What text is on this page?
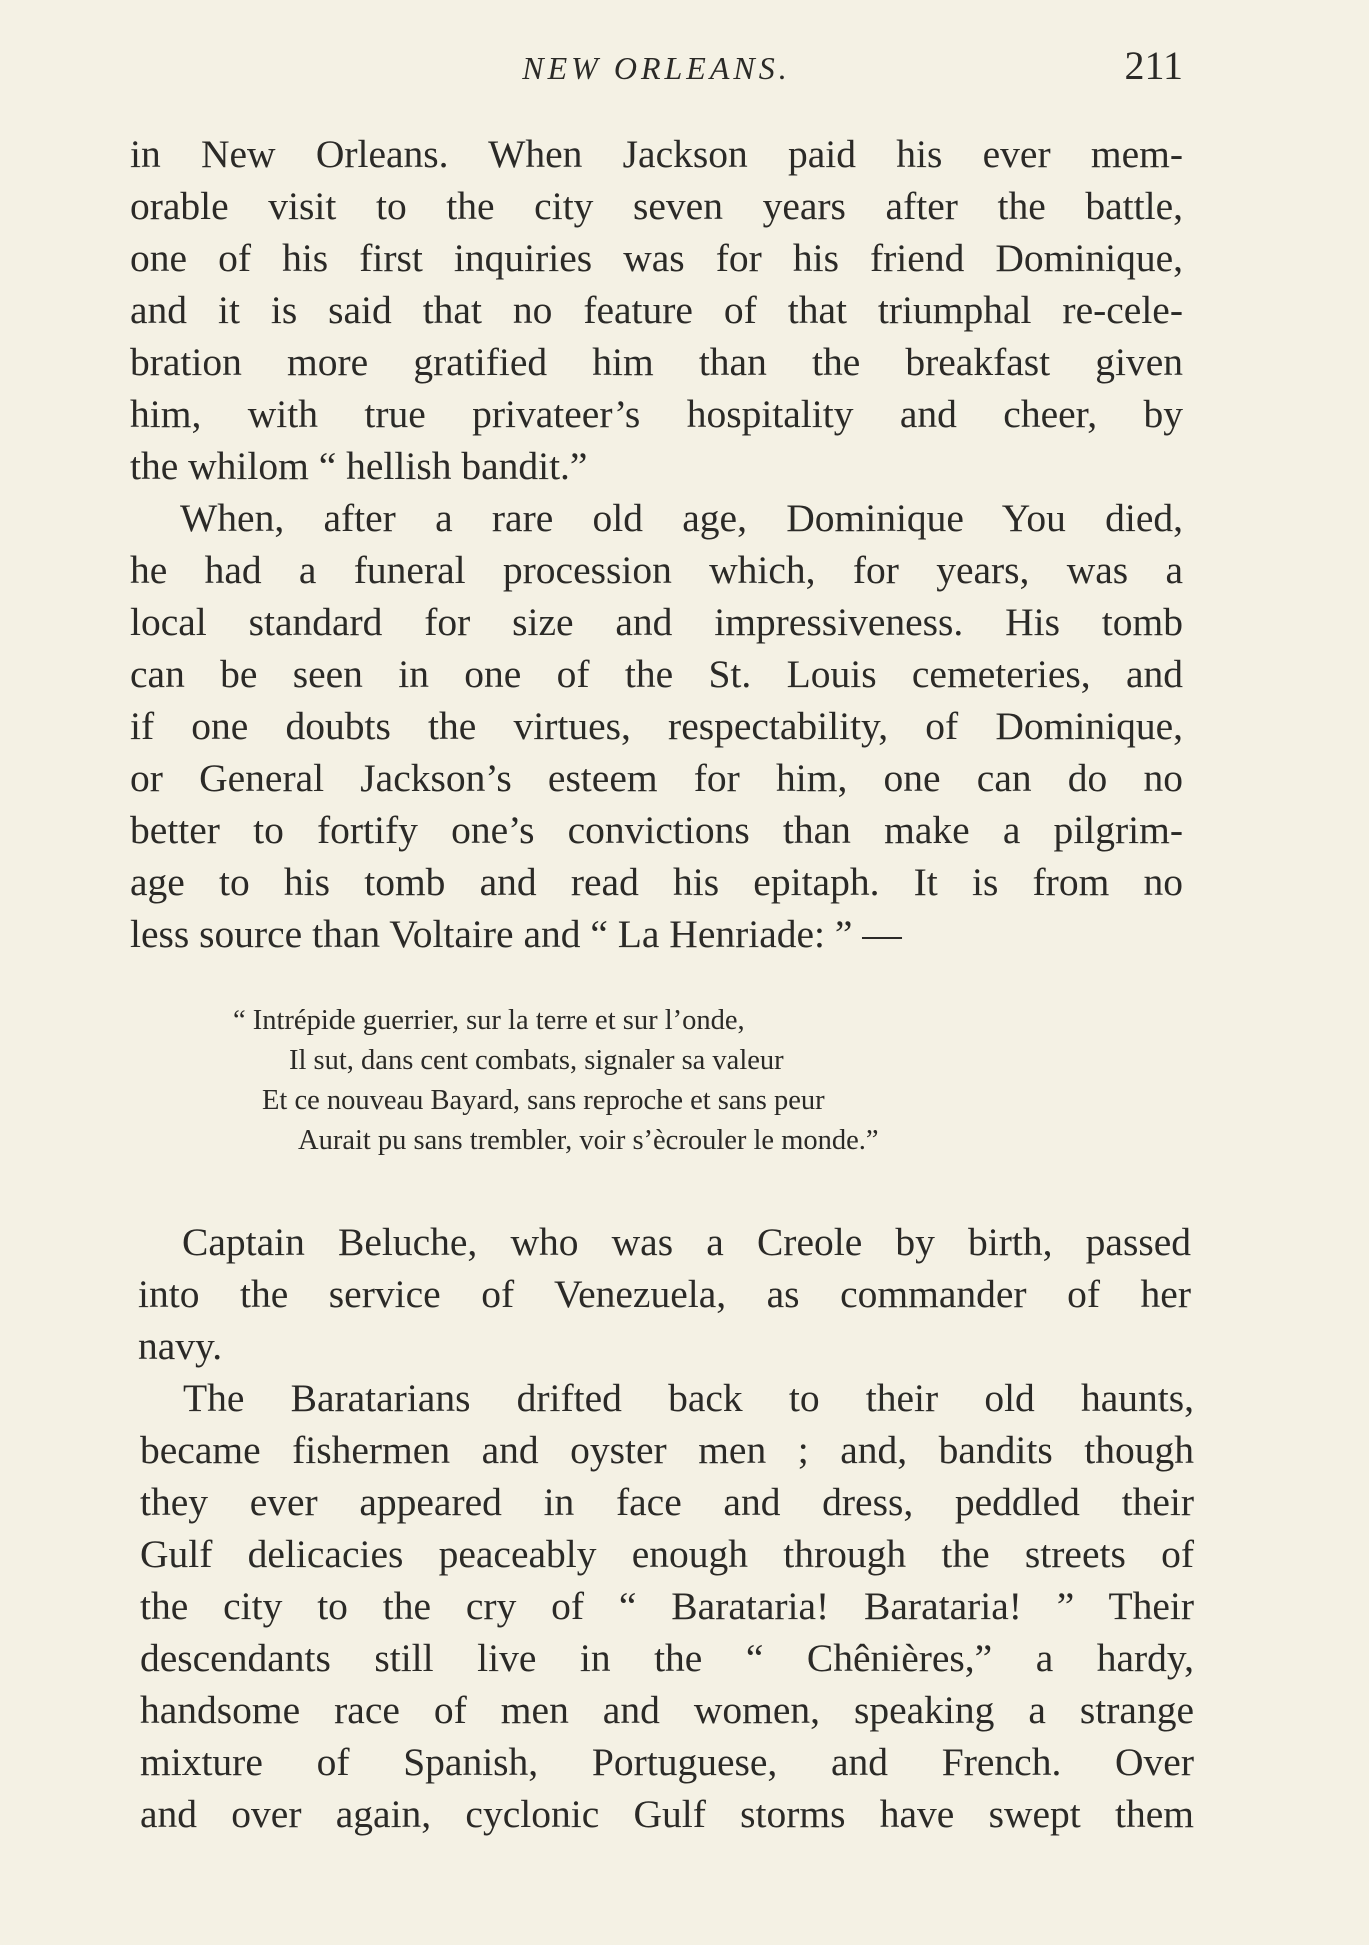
NEW ORLEANS.	211
in New Orleans. When Jackson paid his ever mem-
orable visit to the city seven years after the battle,
one of his first inquiries was for his friend Dominique,
and it is said that no feature of that triumphal re-cele-
bration more gratified him than the breakfast given
him, with true privateer’s hospitality and cheer, by
the whilom “ hellish bandit.”
When, after a rare old age, Dominique You died,
he had a funeral procession which, for years, was a
local standard for size and impressiveness. His tomb
can be seen in one of the St. Louis cemeteries, and
if one doubts the virtues, respectability, of Dominique,
or General Jackson’s esteem for him, one can do no
better to fortify one’s convictions than make a pilgrim-
age to his tomb and read his epitaph. It is from no
less source than Voltaire and “ La Henriade: ” —
“ Intrépide guerrier, sur la terre et sur l’onde,
Il sut, dans cent combats, signaler sa valeur
Et ce nouveau Bayard, sans reproche et sans peur
Aurait pu sans trembler, voir s’ècrouler le monde.”
Captain Beluche, who was a Creole by birth, passed
into the service of Venezuela, as commander of her
navy.
The Baratarians drifted back to their old haunts,
became fishermen and oyster men ; and, bandits though
they ever appeared in face and dress, peddled their
Gulf delicacies peaceably enough through the streets of
the city to the cry of “ Barataria! Barataria! ” Their
descendants still live in the “ Chênières,” a hardy,
handsome race of men and women, speaking a strange
mixture of Spanish, Portuguese, and French. Over
and over again, cyclonic Gulf storms have swept them
